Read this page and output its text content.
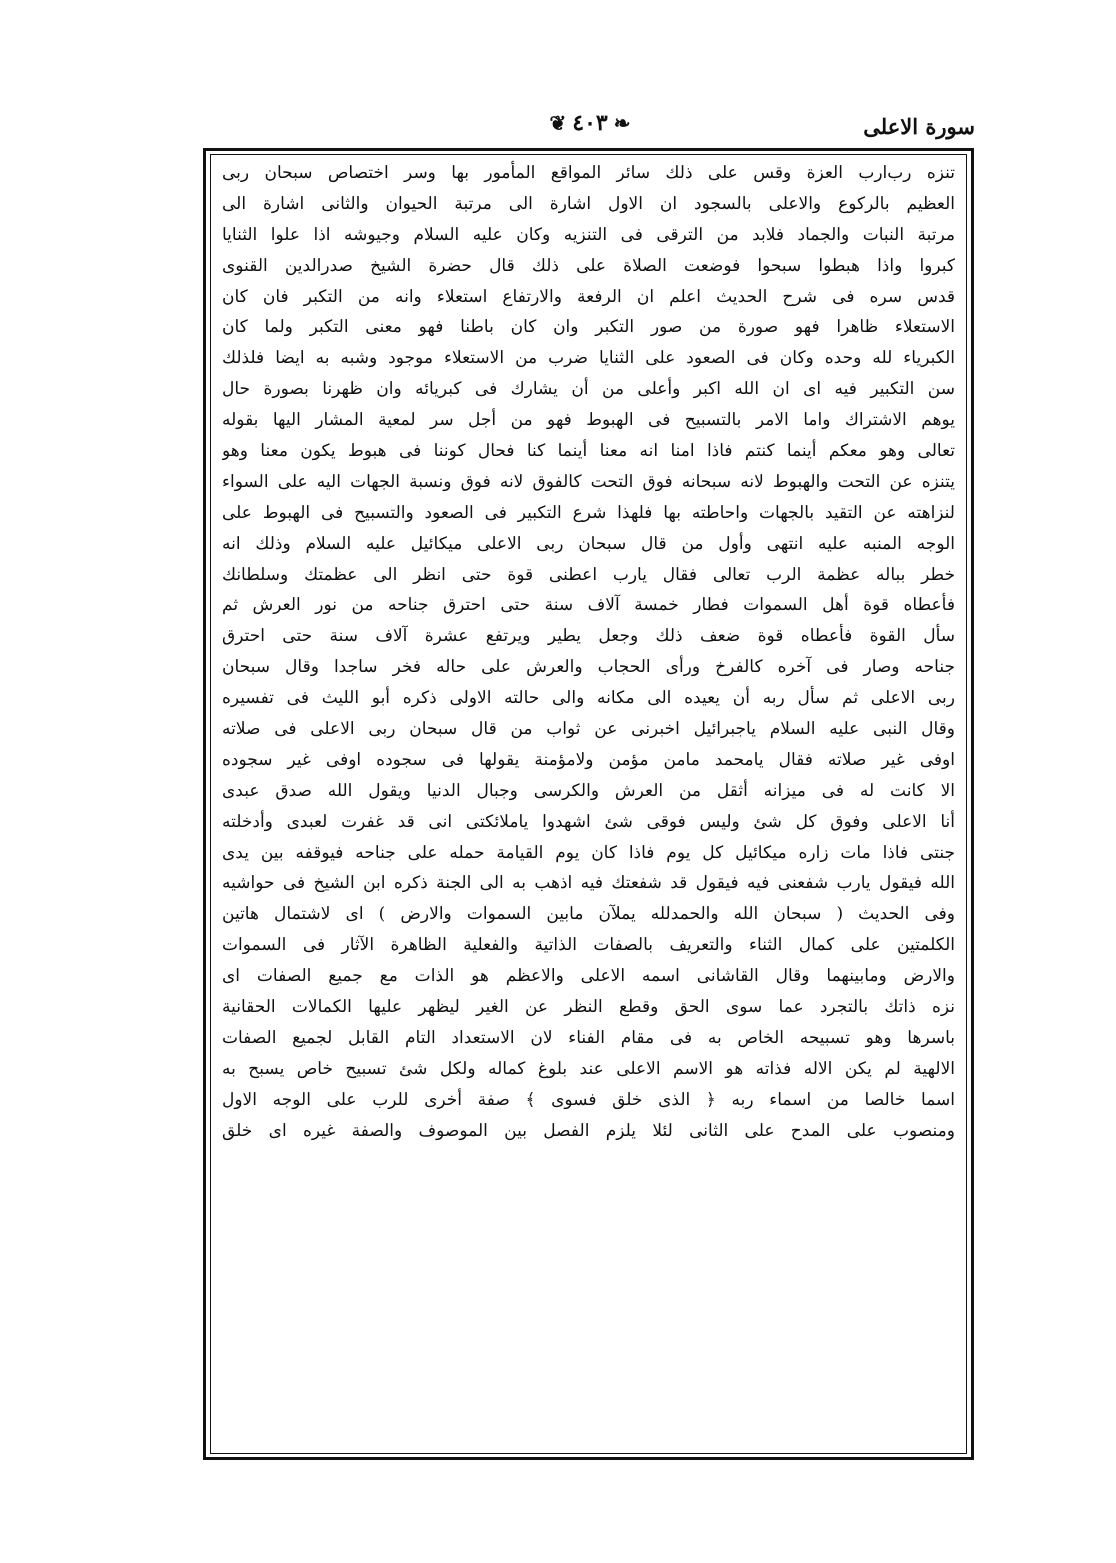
سورة الاعلى
❧٤٠٣❦
تنزه رب‌ارب العزة وقس على ذلك سائر المواقع المأمور بها وسر اختصاص سبحان ربى
العظيم بالركوع والاعلى بالسجود ان الاول اشارة الى مرتبة الحيوان والثانى اشارة الى
مرتبة النبات والجماد فلابد من الترقى فى التنزيه وكان عليه السلام وجيوشه اذا علوا الثنايا
كبروا واذا هبطوا سبحوا فوضعت الصلاة على ذلك قال حضرة الشيخ صدرالدين القنوى
قدس سره فى شرح الحديث اعلم ان الرفعة والارتفاع استعلاء وانه من التكبر فان كان
الاستعلاء ظاهرا فهو صورة من صور التكبر وان كان باطنا فهو معنى التكبر ولما كان
الكبرياء لله وحده وكان فى الصعود على الثنايا ضرب من الاستعلاء موجود وشبه به ايضا فلذلك
سن التكبير فيه اى ان الله اكبر وأعلى من أن يشارك فى كبريائه وان ظهرنا بصورة حال
يوهم الاشتراك واما الامر بالتسبيح فى الهبوط فهو من أجل سر لمعية المشار اليها بقوله
تعالى وهو معكم أينما كنتم فاذا امنا انه معنا أينما كنا فحال كوننا فى هبوط يكون معنا وهو
يتنزه عن التحت والهبوط لانه سبحانه فوق التحت كالفوق لانه فوق ونسبة الجهات اليه على السواء
لنزاهته عن التقيد بالجهات واحاطته بها فلهذا شرع التكبير فى الصعود والتسبيح فى الهبوط على
الوجه المنبه عليه انتهى وأول من قال سبحان ربى الاعلى ميكائيل عليه السلام وذلك انه
خطر بباله عظمة الرب تعالى فقال يارب اعطنى قوة حتى انظر الى عظمتك وسلطانك
فأعطاه قوة أهل السموات فطار خمسة آلاف سنة حتى احترق جناحه من نور العرش ثم
سأل القوة فأعطاه قوة ضعف ذلك وجعل يطير ويرتفع عشرة آلاف سنة حتى احترق
جناحه وصار فى آخره كالفرخ ورأى الحجاب والعرش على حاله فخر ساجدا وقال سبحان
ربى الاعلى ثم سأل ربه أن يعيده الى مكانه والى حالته الاولى ذكره أبو الليث فى تفسيره
وقال النبى عليه السلام ياجبرائيل اخبرنى عن ثواب من قال سبحان ربى الاعلى فى صلاته
اوفى غير صلاته فقال يامحمد مامن مؤمن ولامؤمنة يقولها فى سجوده اوفى غير سجوده
الا كانت له فى ميزانه أثقل من العرش والكرسى وجبال الدنيا ويقول الله صدق عبدى
أنا الاعلى وفوق كل شئ وليس فوقى شئ اشهدوا ياملائكتى انى قد غفرت لعبدى وأدخلته
جنتى فاذا مات زاره ميكائيل كل يوم فاذا كان يوم القيامة حمله على جناحه فيوقفه بين يدى
الله فيقول يارب شفعنى فيه فيقول قد شفعتك فيه اذهب به الى الجنة ذكره ابن الشيخ فى حواشيه
وفى الحديث ( سبحان الله والحمدلله يملآن مابين السموات والارض ) اى لاشتمال هاتين
الكلمتين على كمال الثناء والتعريف بالصفات الذاتية والفعلية الظاهرة الآثار فى السموات
والارض ومابينهما وقال القاشانى اسمه الاعلى والاعظم هو الذات مع جميع الصفات اى
نزه ذاتك بالتجرد عما سوى الحق وقطع النظر عن الغير ليظهر عليها الكمالات الحقانية
باسرها وهو تسبيحه الخاص به فى مقام الفناء لان الاستعداد التام القابل لجميع الصفات
الالهية لم يكن الاله فذاته هو الاسم الاعلى عند بلوغ كماله ولكل شئ تسبيح خاص يسبح به
اسما خالصا من اسماء ربه ﴿ الذى خلق فسوى ﴾ صفة أخرى للرب على الوجه الاول
ومنصوب على المدح على الثانى لئلا يلزم الفصل بين الموصوف والصفة غيره اى خلق
